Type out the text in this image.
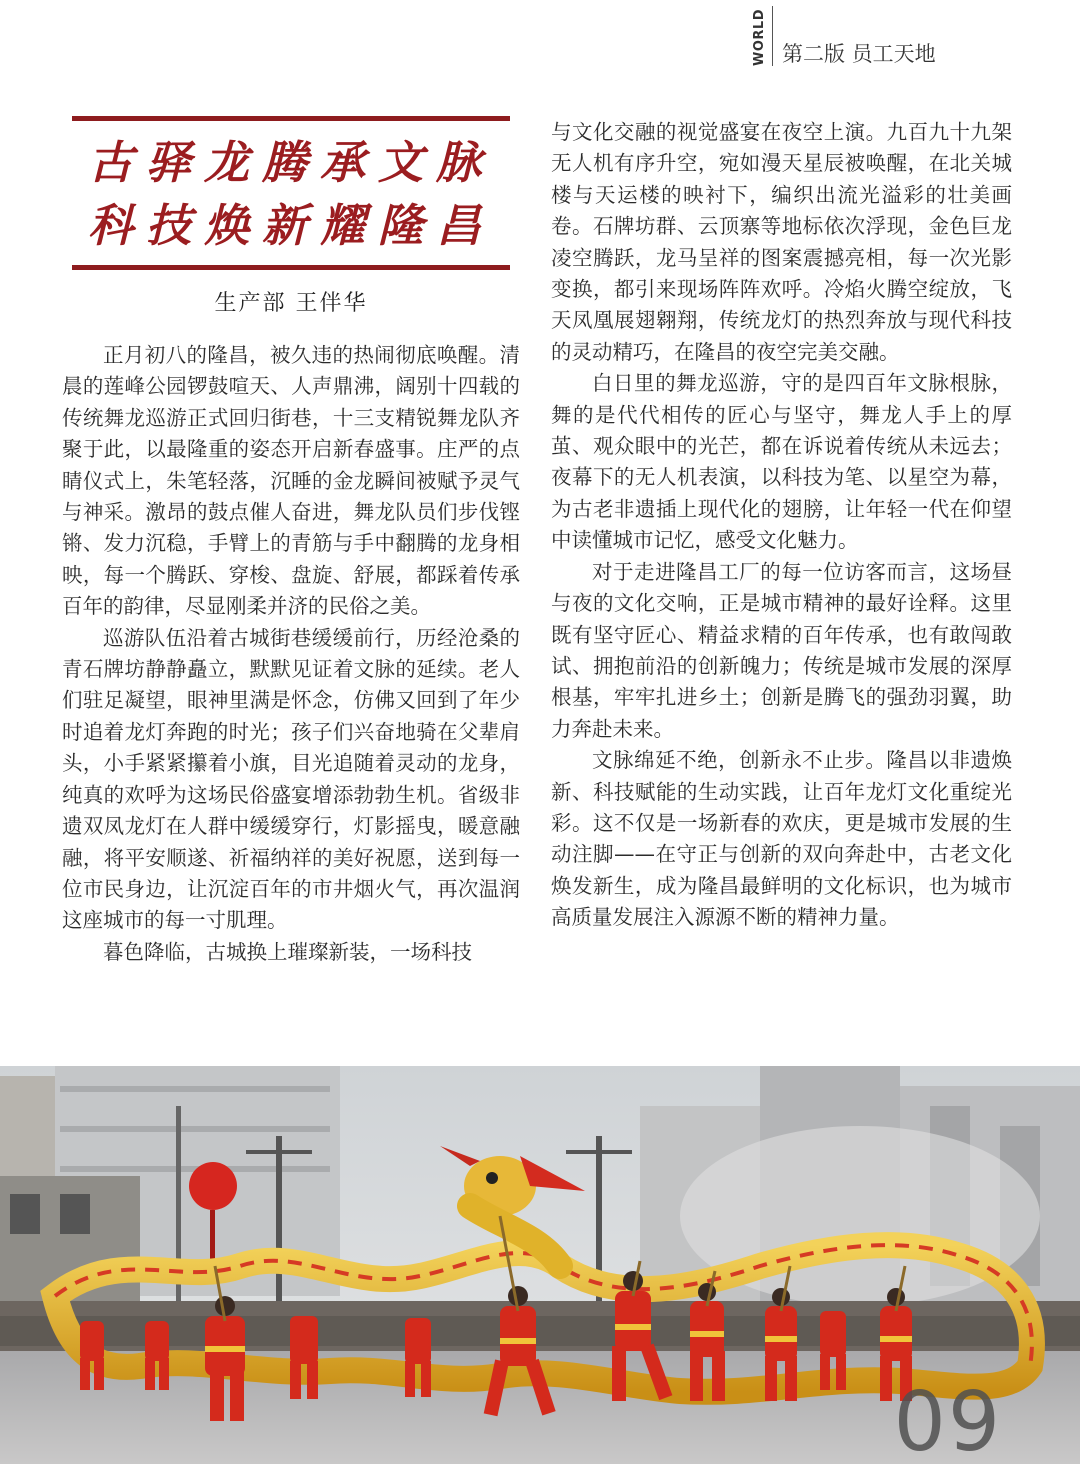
WORLD 第二版 员工天地
古驿龙腾承文脉
科技焕新耀隆昌
生产部 王伴华

正月初八的隆昌，被久违的热闹彻底唤醒。清晨的莲峰公园锣鼓喧天、人声鼎沸，阔别十四载的传统舞龙巡游正式回归街巷，十三支精锐舞龙队齐聚于此，以最隆重的姿态开启新春盛事。庄严的点睛仪式上，朱笔轻落，沉睡的金龙瞬间被赋予灵气与神采。激昂的鼓点催人奋进，舞龙队员们步伐铿锵、发力沉稳，手臂上的青筋与手中翻腾的龙身相映，每一个腾跃、穿梭、盘旋、舒展，都踩着传承百年的韵律，尽显刚柔并济的民俗之美。

巡游队伍沿着古城街巷缓缓前行，历经沧桑的青石牌坊静静矗立，默默见证着文脉的延续。老人们驻足凝望，眼神里满是怀念，仿佛又回到了年少时追着龙灯奔跑的时光；孩子们兴奋地骑在父辈肩头，小手紧紧攥着小旗，目光追随着灵动的龙身，纯真的欢呼为这场民俗盛宴增添勃勃生机。省级非遗双凤龙灯在人群中缓缓穿行，灯影摇曳，暖意融融，将平安顺遂、祈福纳祥的美好祝愿，送到每一位市民身边，让沉淀百年的市井烟火气，再次温润这座城市的每一寸肌理。

暮色降临，古城换上璀璨新装，一场科技

与文化交融的视觉盛宴在夜空上演。九百九十九架无人机有序升空，宛如漫天星辰被唤醒，在北关城楼与天运楼的映衬下，编织出流光溢彩的壮美画卷。石牌坊群、云顶寨等地标依次浮现，金色巨龙凌空腾跃，龙马呈祥的图案震撼亮相，每一次光影变换，都引来现场阵阵欢呼。冷焰火腾空绽放，飞天凤凰展翅翱翔，传统龙灯的热烈奔放与现代科技的灵动精巧，在隆昌的夜空完美交融。

白日里的舞龙巡游，守的是四百年文脉根脉，舞的是代代相传的匠心与坚守，舞龙人手上的厚茧、观众眼中的光芒，都在诉说着传统从未远去；夜幕下的无人机表演，以科技为笔、以星空为幕，为古老非遗插上现代化的翅膀，让年轻一代在仰望中读懂城市记忆，感受文化魅力。

对于走进隆昌工厂的每一位访客而言，这场昼与夜的文化交响，正是城市精神的最好诠释。这里既有坚守匠心、精益求精的百年传承，也有敢闯敢试、拥抱前沿的创新魄力；传统是城市发展的深厚根基，牢牢扎进乡土；创新是腾飞的强劲羽翼，助力奔赴未来。

文脉绵延不绝，创新永不止步。隆昌以非遗焕新、科技赋能的生动实践，让百年龙灯文化重绽光彩。这不仅是一场新春的欢庆，更是城市发展的生动注脚——在守正与创新的双向奔赴中，古老文化焕发新生，成为隆昌最鲜明的文化标识，也为城市高质量发展注入源源不断的精神力量。

09
